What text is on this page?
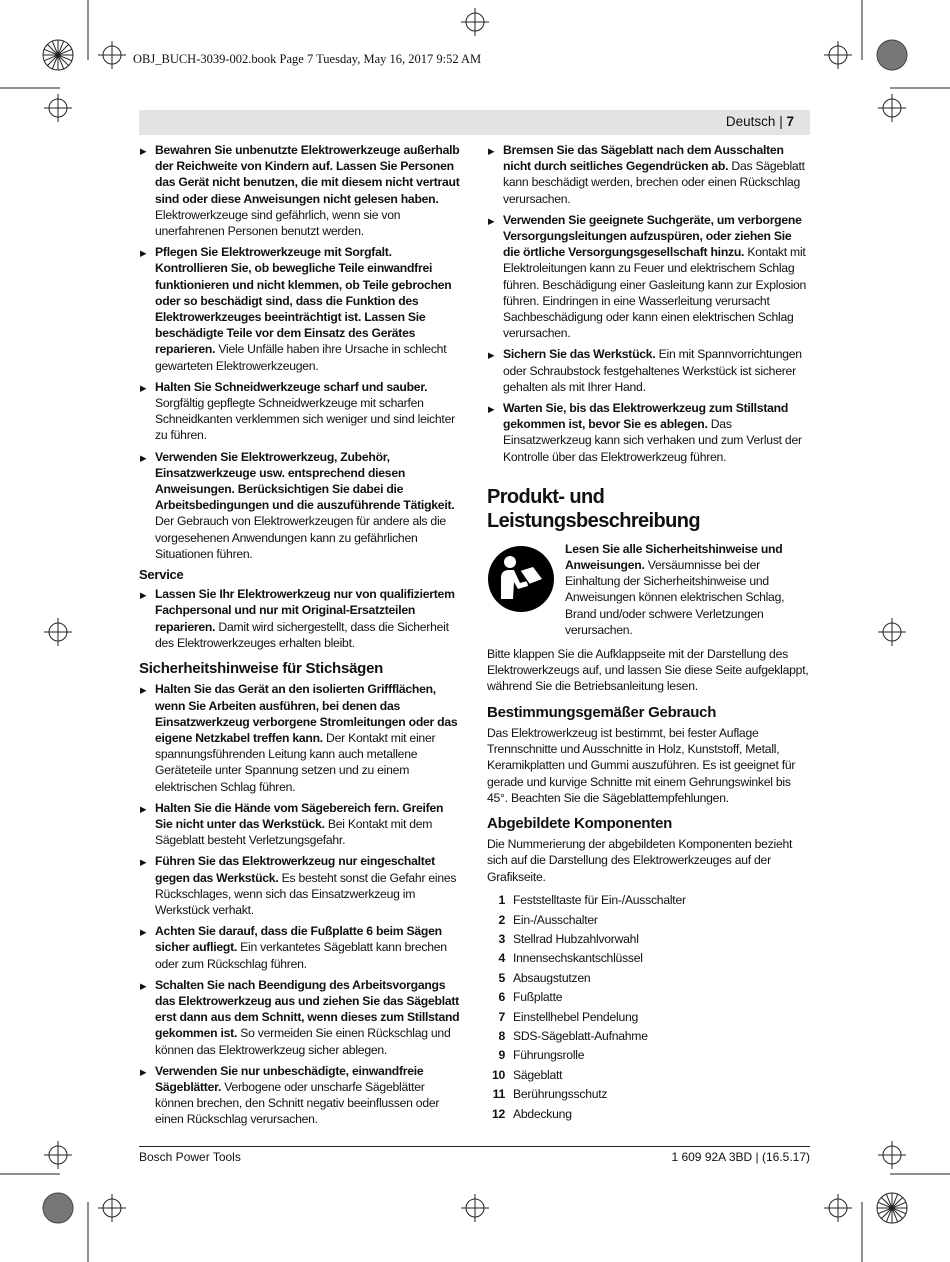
OBJ_BUCH-3039-002.book Page 7 Tuesday, May 16, 2017 9:52 AM
Deutsch | 7
▶ Bewahren Sie unbenutzte Elektrowerkzeuge außerhalb der Reichweite von Kindern auf. Lassen Sie Personen das Gerät nicht benutzen, die mit diesem nicht vertraut sind oder diese Anweisungen nicht gelesen haben. Elektrowerkzeuge sind gefährlich, wenn sie von unerfahrenen Personen benutzt werden.
▶ Pflegen Sie Elektrowerkzeuge mit Sorgfalt. Kontrollieren Sie, ob bewegliche Teile einwandfrei funktionieren und nicht klemmen, ob Teile gebrochen oder so beschädigt sind, dass die Funktion des Elektrowerkzeuges beeinträchtigt ist. Lassen Sie beschädigte Teile vor dem Einsatz des Gerätes reparieren. Viele Unfälle haben ihre Ursache in schlecht gewarteten Elektrowerkzeugen.
▶ Halten Sie Schneidwerkzeuge scharf und sauber. Sorgfältig gepflegte Schneidwerkzeuge mit scharfen Schneidkanten verklemmen sich weniger und sind leichter zu führen.
▶ Verwenden Sie Elektrowerkzeug, Zubehör, Einsatzwerkzeuge usw. entsprechend diesen Anweisungen. Berücksichtigen Sie dabei die Arbeitsbedingungen und die auszuführende Tätigkeit. Der Gebrauch von Elektrowerkzeugen für andere als die vorgesehenen Anwendungen kann zu gefährlichen Situationen führen.
Service
▶ Lassen Sie Ihr Elektrowerkzeug nur von qualifiziertem Fachpersonal und nur mit Original-Ersatzteilen reparieren. Damit wird sichergestellt, dass die Sicherheit des Elektrowerkzeuges erhalten bleibt.
Sicherheitshinweise für Stichsägen
▶ Halten Sie das Gerät an den isolierten Griffflächen, wenn Sie Arbeiten ausführen, bei denen das Einsatzwerkzeug verborgene Stromleitungen oder das eigene Netzkabel treffen kann. Der Kontakt mit einer spannungsführenden Leitung kann auch metallene Geräteteile unter Spannung setzen und zu einem elektrischen Schlag führen.
▶ Halten Sie die Hände vom Sägebereich fern. Greifen Sie nicht unter das Werkstück. Bei Kontakt mit dem Sägeblatt besteht Verletzungsgefahr.
▶ Führen Sie das Elektrowerkzeug nur eingeschaltet gegen das Werkstück. Es besteht sonst die Gefahr eines Rückschlages, wenn sich das Einsatzwerkzeug im Werkstück verhakt.
▶ Achten Sie darauf, dass die Fußplatte 6 beim Sägen sicher aufliegt. Ein verkantetes Sägeblatt kann brechen oder zum Rückschlag führen.
▶ Schalten Sie nach Beendigung des Arbeitsvorgangs das Elektrowerkzeug aus und ziehen Sie das Sägeblatt erst dann aus dem Schnitt, wenn dieses zum Stillstand gekommen ist. So vermeiden Sie einen Rückschlag und können das Elektrowerkzeug sicher ablegen.
▶ Verwenden Sie nur unbeschädigte, einwandfreie Sägeblätter. Verbogene oder unscharfe Sägeblätter können brechen, den Schnitt negativ beeinflussen oder einen Rückschlag verursachen.
▶ Bremsen Sie das Sägeblatt nach dem Ausschalten nicht durch seitliches Gegendrücken ab. Das Sägeblatt kann beschädigt werden, brechen oder einen Rückschlag verursachen.
▶ Verwenden Sie geeignete Suchgeräte, um verborgene Versorgungsleitungen aufzuspüren, oder ziehen Sie die örtliche Versorgungsgesellschaft hinzu. Kontakt mit Elektroleitungen kann zu Feuer und elektrischem Schlag führen. Beschädigung einer Gasleitung kann zur Explosion führen. Eindringen in eine Wasserleitung verursacht Sachbeschädigung oder kann einen elektrischen Schlag verursachen.
▶ Sichern Sie das Werkstück. Ein mit Spannvorrichtungen oder Schraubstock festgehaltenes Werkstück ist sicherer gehalten als mit Ihrer Hand.
▶ Warten Sie, bis das Elektrowerkzeug zum Stillstand gekommen ist, bevor Sie es ablegen. Das Einsatzwerkzeug kann sich verhaken und zum Verlust der Kontrolle über das Elektrowerkzeug führen.
Produkt- und Leistungsbeschreibung
Lesen Sie alle Sicherheitshinweise und Anweisungen. Versäumnisse bei der Einhaltung der Sicherheitshinweise und Anweisungen können elektrischen Schlag, Brand und/oder schwere Verletzungen verursachen.

Bitte klappen Sie die Aufklappseite mit der Darstellung des Elektrowerkzeugs auf, und lassen Sie diese Seite aufgeklappt, während Sie die Betriebsanleitung lesen.

Bestimmungsgemäßer Gebrauch

Das Elektrowerkzeug ist bestimmt, bei fester Auflage Trennschnitte und Ausschnitte in Holz, Kunststoff, Metall, Keramikplatten und Gummi auszuführen. Es ist geeignet für gerade und kurvige Schnitte mit einem Gehrungswinkel bis 45°. Beachten Sie die Sägeblattempfehlungen.

Abgebildete Komponenten

Die Nummerierung der abgebildeten Komponenten bezieht sich auf die Darstellung des Elektrowerkzeuges auf der Grafikseite.

1 Feststelltaste für Ein-/Ausschalter
2 Ein-/Ausschalter
3 Stellrad Hubzahlvorwahl
4 Innensechskantschlüssel
5 Absaugstutzen
6 Fußplatte
7 Einstellhebel Pendelung
8 SDS-Sägeblatt-Aufnahme
9 Führungsrolle
10 Sägeblatt
11 Berührungsschutz
12 Abdeckung
Bosch Power Tools	1 609 92A 3BD | (16.5.17)
